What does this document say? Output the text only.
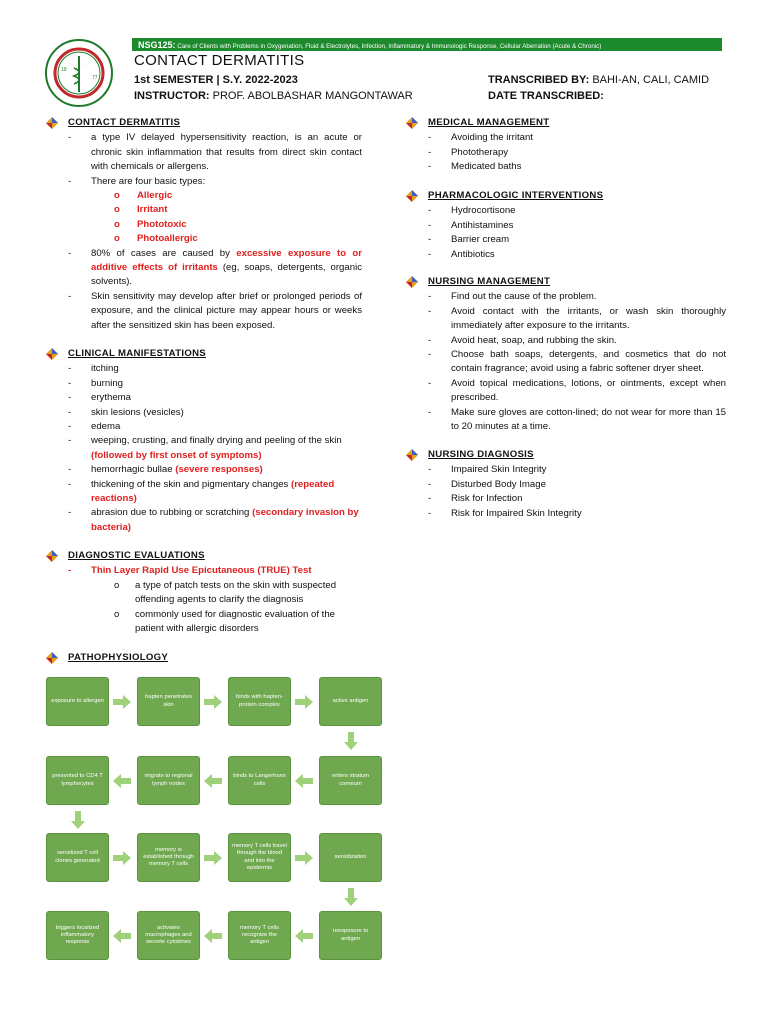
19
77
NSG125: Care of Clients with Problems in Oxygenation, Fluid & Electrolytes, Infection, Inflammatory & Immunologic Response, Cellular Aberration (Acute & Chronic)
CONTACT DERMATITIS
1st SEMESTER | S.Y. 2022-2023
INSTRUCTOR: PROF. ABOLBASHAR MANGONTAWAR
TRANSCRIBED BY: BAHI-AN, CALI, CAMID
DATE TRANSCRIBED:
CONTACT DERMATITIS
- a type IV delayed hypersensitivity reaction, is an acute or chronic skin inflammation that results from direct skin contact with chemicals or allergens.
- There are four basic types:
o Allergic
o Irritant
o Phototoxic
o Photoallergic
- 80% of cases are caused by excessive exposure to or additive effects of irritants (eg, soaps, detergents, organic solvents).
- Skin sensitivity may develop after brief or prolonged periods of exposure, and the clinical picture may appear hours or weeks after the sensitized skin has been exposed.
CLINICAL MANIFESTATIONS
- itching
- burning
- erythema
- skin lesions (vesicles)
- edema
- weeping, crusting, and finally drying and peeling of the skin (followed by first onset of symptoms)
- hemorrhagic bullae (severe responses)
- thickening of the skin and pigmentary changes (repeated reactions)
- abrasion due to rubbing or scratching (secondary invasion by bacteria)
DIAGNOSTIC EVALUATIONS
- Thin Layer Rapid Use Epicutaneous (TRUE) Test
o a type of patch tests on the skin with suspected offending agents to clarify the diagnosis
o commonly used for diagnostic evaluation of the patient with allergic disorders
PATHOPHYSIOLOGY
exposure to allergen
hapten penetrates skin
binds with hapten-protein complex
active antigen
enters stratum corneum
binds to Langerhans cells
migrate to regional lymph nodes
presented to CD4 T lymphocytes
sensitized T cell clones generated
memory is established through memory T cells
memory T cells travel through the blood and into the epidermis
sensitization
reexposure to antigen
memory T cells recognize the antigen
activates macrophages and secrete cytokines
triggers localized inflammatory response
MEDICAL MANAGEMENT
- Avoiding the irritant
- Phototherapy
- Medicated baths
PHARMACOLOGIC INTERVENTIONS
- Hydrocortisone
- Antihistamines
- Barrier cream
- Antibiotics
NURSING MANAGEMENT
- Find out the cause of the problem.
- Avoid contact with the irritants, or wash skin thoroughly immediately after exposure to the irritants.
- Avoid heat, soap, and rubbing the skin.
- Choose bath soaps, detergents, and cosmetics that do not contain fragrance; avoid using a fabric softener dryer sheet.
- Avoid topical medications, lotions, or ointments, except when prescribed.
- Make sure gloves are cotton-lined; do not wear for more than 15 to 20 minutes at a time.
NURSING DIAGNOSIS
- Impaired Skin Integrity
- Disturbed Body Image
- Risk for Infection
- Risk for Impaired Skin Integrity
